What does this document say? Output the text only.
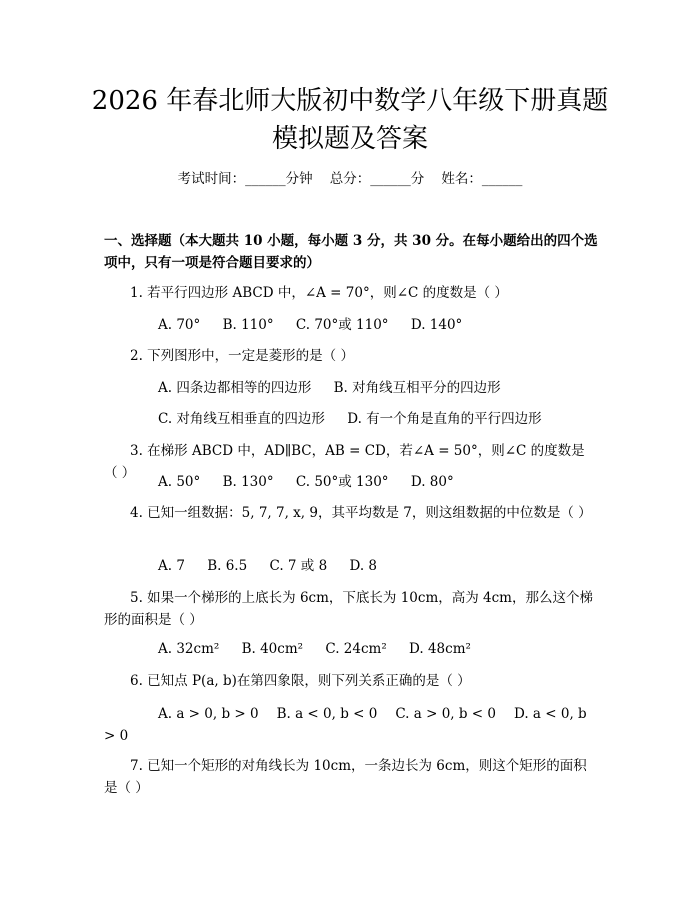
2026 年春北师大版初中数学八年级下册真题
模拟题及答案
考试时间：______分钟    总分：______分    姓名：______
一、选择题（本大题共 10 小题，每小题 3 分，共 30 分。在每小题给出的四个选项中，只有一项是符合题目要求的）
1. 若平行四边形 ABCD 中，∠A = 70°，则∠C 的度数是（ ）
A. 70° B. 110° C. 70°或 110° D. 140°
2. 下列图形中，一定是菱形的是（ ）
A. 四条边都相等的四边形 B. 对角线互相平分的四边形
C. 对角线互相垂直的四边形 D. 有一个角是直角的平行四边形
3. 在梯形 ABCD 中，AD∥BC，AB = CD，若∠A = 50°，则∠C 的度数是（ ）
A. 50° B. 130° C. 50°或 130° D. 80°
4. 已知一组数据：5, 7, 7, x, 9，其平均数是 7，则这组数据的中位数是（ ）
A. 7 B. 6.5 C. 7 或 8 D. 8
5. 如果一个梯形的上底长为 6cm，下底长为 10cm，高为 4cm，那么这个梯形的面积是（ ）
A. 32cm² B. 40cm² C. 24cm² D. 48cm²
6. 已知点 P(a, b)在第四象限，则下列关系正确的是（ ）
A. a > 0, b > 0 B. a < 0, b < 0 C. a > 0, b < 0 D. a < 0, b > 0
7. 已知一个矩形的对角线长为 10cm，一条边长为 6cm，则这个矩形的面积是（ ）
